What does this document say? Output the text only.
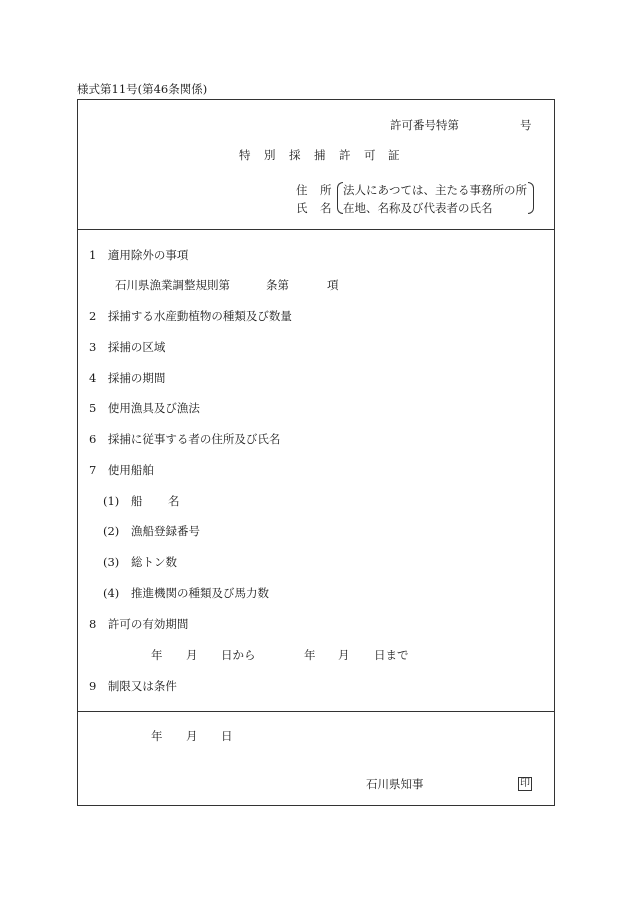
様式第11号(第46条関係)
許可番号特第	号
特 別 採 捕 許 可 証
住 所
氏 名
法人にあつては、主たる事務所の所
在地、名称及び代表者の氏名
1　適用除外の事項
石川県漁業調整規則第	条第	項
2　採捕する水産動植物の種類及び数量
3　採捕の区域
4　採捕の期間
5　使用漁具及び漁法
6　採捕に従事する者の住所及び氏名
7　使用船舶
(1) 船 名
(2) 漁船登録番号
(3) 総トン数
(4) 推進機関の種類及び馬力数
8　許可の有効期間
年 月 日から	年 月 日まで
9　制限又は条件
年 月 日
石川県知事	印
